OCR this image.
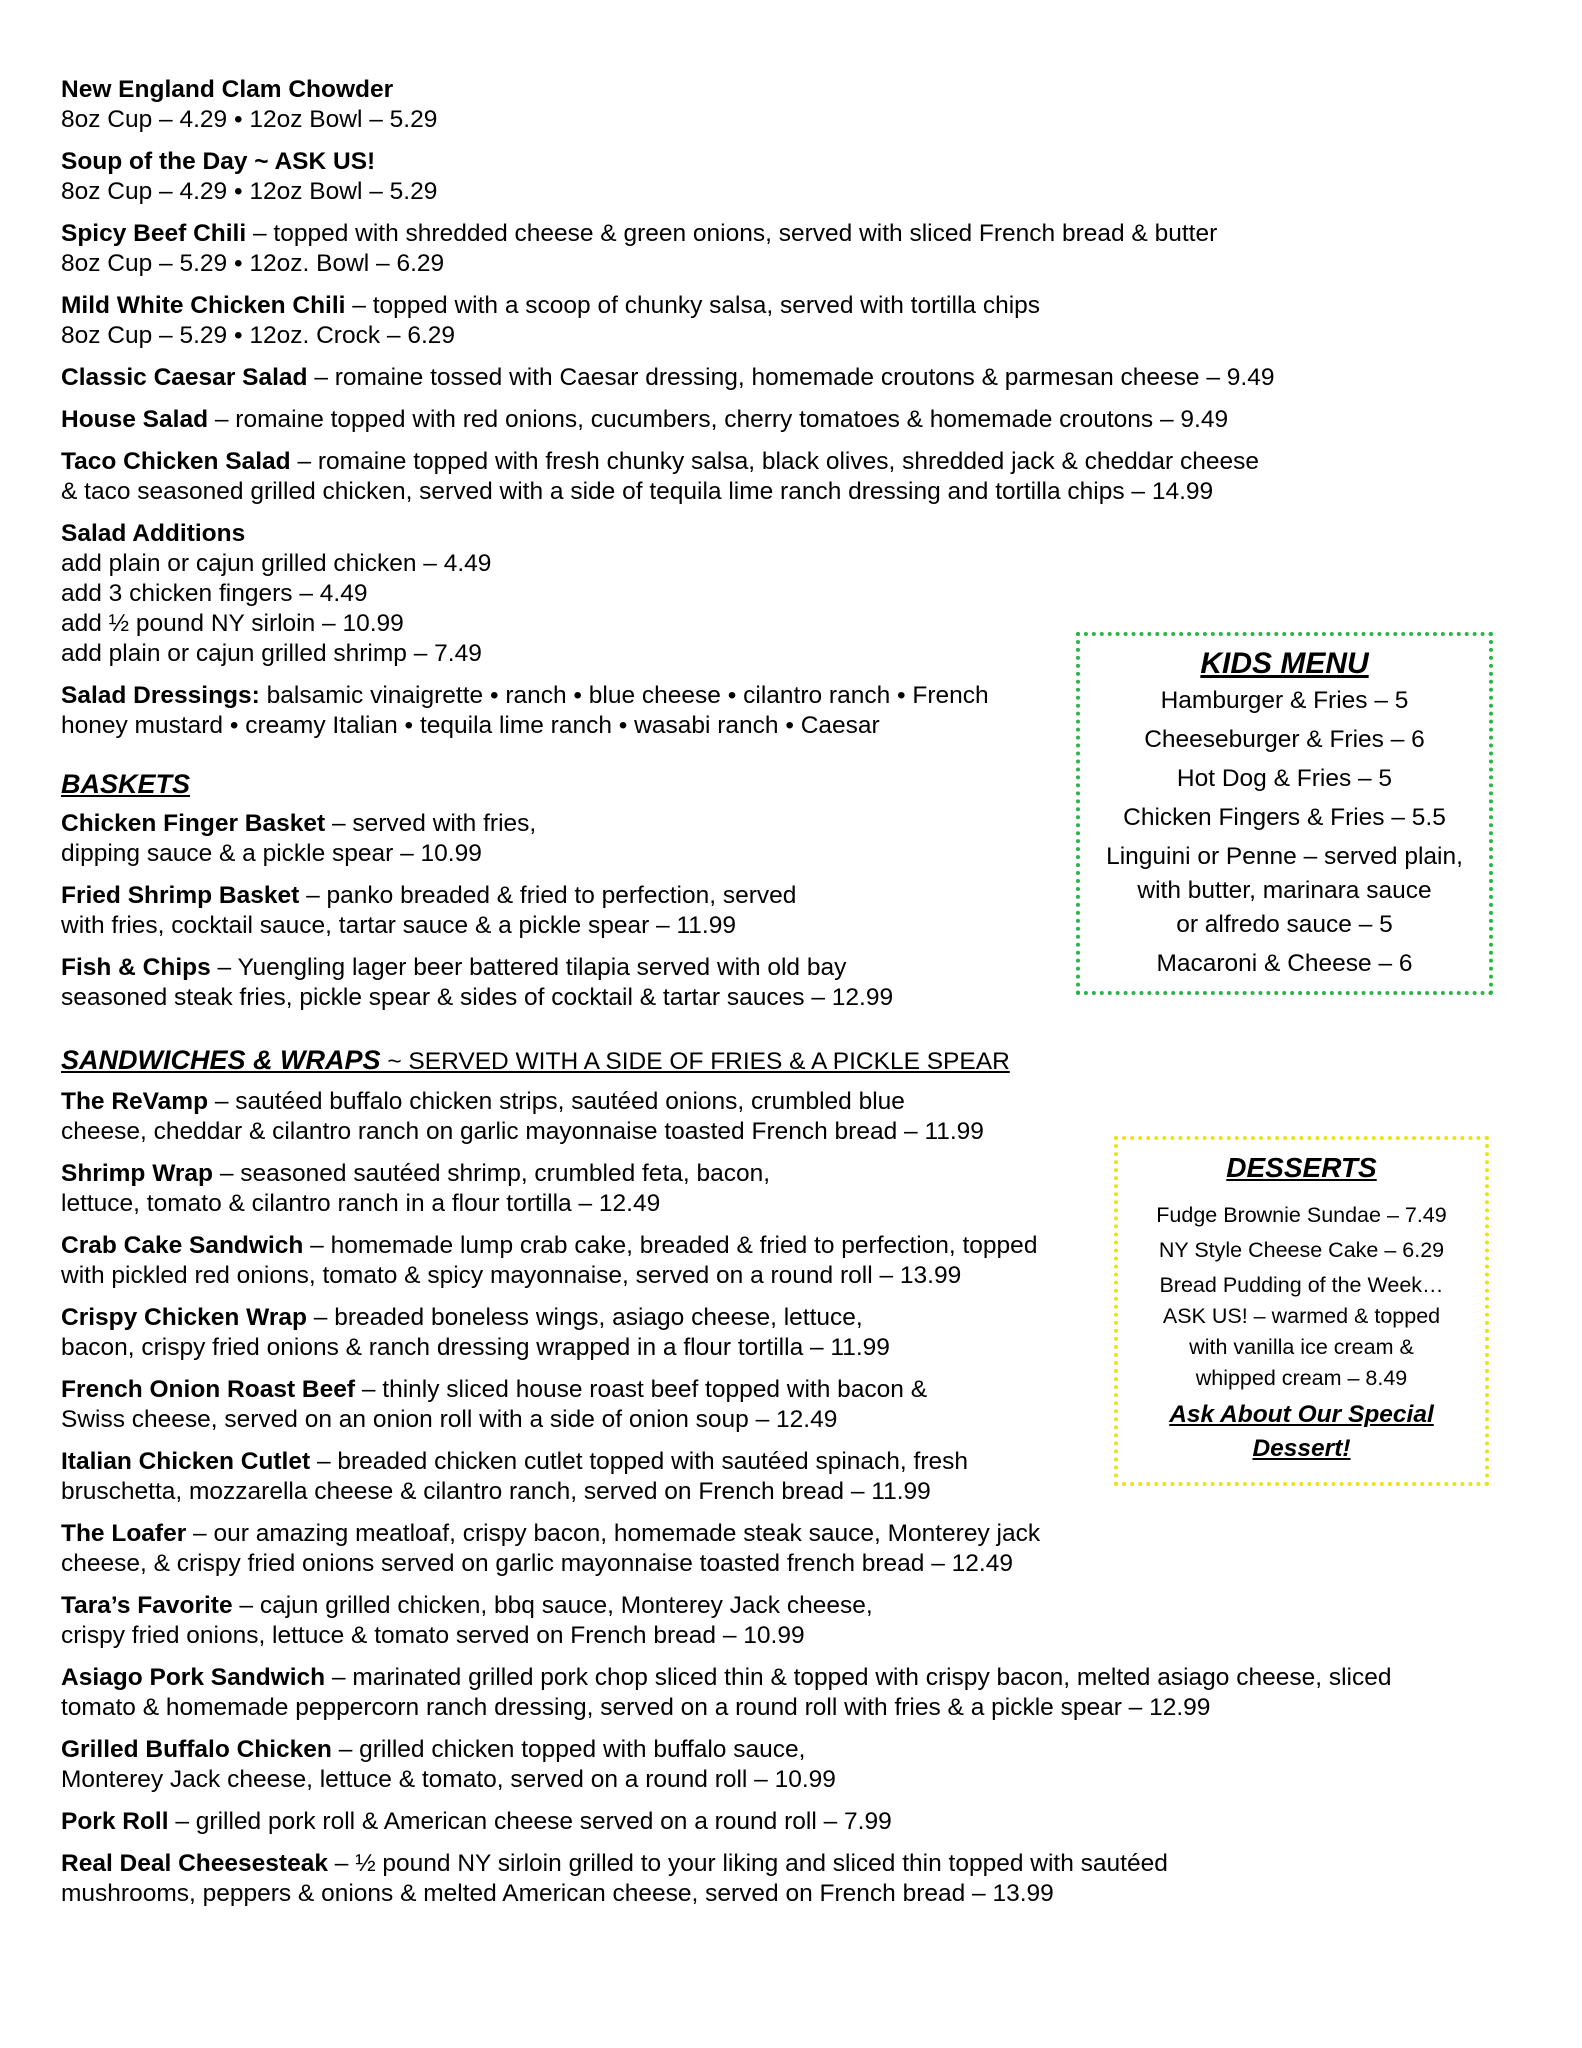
New England Clam Chowder
8oz Cup – 4.29 • 12oz Bowl – 5.29
Soup of the Day ~ ASK US!
8oz Cup – 4.29 • 12oz Bowl – 5.29
Spicy Beef Chili – topped with shredded cheese & green onions, served with sliced French bread & butter
8oz Cup – 5.29 • 12oz. Bowl – 6.29
Mild White Chicken Chili – topped with a scoop of chunky salsa, served with tortilla chips
8oz Cup – 5.29 • 12oz. Crock – 6.29
Classic Caesar Salad – romaine tossed with Caesar dressing, homemade croutons & parmesan cheese – 9.49
House Salad – romaine topped with red onions, cucumbers, cherry tomatoes & homemade croutons – 9.49
Taco Chicken Salad – romaine topped with fresh chunky salsa, black olives, shredded jack & cheddar cheese
& taco seasoned grilled chicken, served with a side of tequila lime ranch dressing and tortilla chips – 14.99
Salad Additions
add plain or cajun grilled chicken – 4.49
add 3 chicken fingers – 4.49
add ½ pound NY sirloin – 10.99
add plain or cajun grilled shrimp – 7.49
Salad Dressings: balsamic vinaigrette • ranch • blue cheese • cilantro ranch • French
honey mustard • creamy Italian • tequila lime ranch • wasabi ranch • Caesar
BASKETS
Chicken Finger Basket – served with fries,
dipping sauce & a pickle spear – 10.99
Fried Shrimp Basket – panko breaded & fried to perfection, served
with fries, cocktail sauce, tartar sauce & a pickle spear – 11.99
Fish & Chips – Yuengling lager beer battered tilapia served with old bay
seasoned steak fries, pickle spear & sides of cocktail & tartar sauces – 12.99
SANDWICHES & WRAPS ~ SERVED WITH A SIDE OF FRIES & A PICKLE SPEAR
The ReVamp – sautéed buffalo chicken strips, sautéed onions, crumbled blue
cheese, cheddar & cilantro ranch on garlic mayonnaise toasted French bread – 11.99
Shrimp Wrap – seasoned sautéed shrimp, crumbled feta, bacon,
lettuce, tomato & cilantro ranch in a flour tortilla – 12.49
Crab Cake Sandwich – homemade lump crab cake, breaded & fried to perfection, topped
with pickled red onions, tomato & spicy mayonnaise, served on a round roll – 13.99
Crispy Chicken Wrap – breaded boneless wings, asiago cheese, lettuce,
bacon, crispy fried onions & ranch dressing wrapped in a flour tortilla – 11.99
French Onion Roast Beef – thinly sliced house roast beef topped with bacon &
Swiss cheese, served on an onion roll with a side of onion soup – 12.49
Italian Chicken Cutlet – breaded chicken cutlet topped with sautéed spinach, fresh
bruschetta, mozzarella cheese & cilantro ranch, served on French bread – 11.99
The Loafer – our amazing meatloaf, crispy bacon, homemade steak sauce, Monterey jack
cheese, & crispy fried onions served on garlic mayonnaise toasted french bread – 12.49
Tara’s Favorite – cajun grilled chicken, bbq sauce, Monterey Jack cheese,
crispy fried onions, lettuce & tomato served on French bread – 10.99
Asiago Pork Sandwich – marinated grilled pork chop sliced thin & topped with crispy bacon, melted asiago cheese, sliced
tomato & homemade peppercorn ranch dressing, served on a round roll with fries & a pickle spear – 12.99
Grilled Buffalo Chicken – grilled chicken topped with buffalo sauce,
Monterey Jack cheese, lettuce & tomato, served on a round roll – 10.99
Pork Roll – grilled pork roll & American cheese served on a round roll – 7.99
Real Deal Cheesesteak – ½ pound NY sirloin grilled to your liking and sliced thin topped with sautéed
mushrooms, peppers & onions & melted American cheese, served on French bread – 13.99
KIDS MENU
Hamburger & Fries – 5
Cheeseburger & Fries – 6
Hot Dog & Fries – 5
Chicken Fingers & Fries – 5.5
Linguini or Penne – served plain,
with butter, marinara sauce
or alfredo sauce – 5
Macaroni & Cheese – 6
DESSERTS
Fudge Brownie Sundae – 7.49
NY Style Cheese Cake – 6.29
Bread Pudding of the Week…
ASK US! – warmed & topped
with vanilla ice cream &
whipped cream – 8.49
Ask About Our Special
Dessert!
